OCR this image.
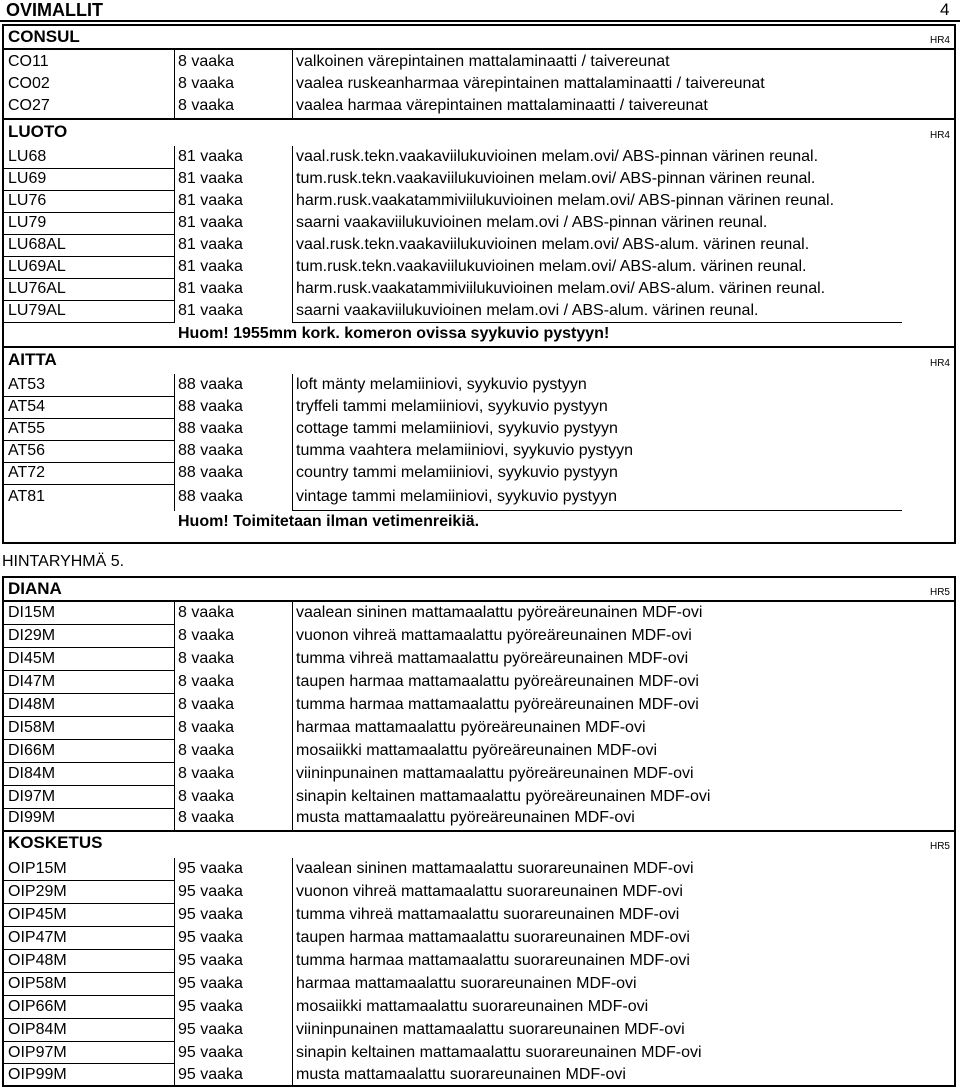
OVIMALLIT	4
CONSUL	HR4
CO11	8 vaaka	valkoinen värepintainen mattalaminaatti / taivereunat
CO02	8 vaaka	vaalea ruskeanharmaa värepintainen mattalaminaatti / taivereunat
CO27	8 vaaka	vaalea harmaa värepintainen mattalaminaatti / taivereunat
LUOTO	HR4
LU68	81 vaaka	vaal.rusk.tekn.vaakaviilukuvioinen melam.ovi/ ABS-pinnan värinen reunal.
LU69	81 vaaka	tum.rusk.tekn.vaakaviilukuvioinen melam.ovi/ ABS-pinnan värinen reunal.
LU76	81 vaaka	harm.rusk.vaakatammiviilukuvioinen melam.ovi/ ABS-pinnan värinen reunal.
LU79	81 vaaka	saarni vaakaviilukuvioinen melam.ovi / ABS-pinnan värinen reunal.
LU68AL	81 vaaka	vaal.rusk.tekn.vaakaviilukuvioinen melam.ovi/ ABS-alum. värinen reunal.
LU69AL	81 vaaka	tum.rusk.tekn.vaakaviilukuvioinen melam.ovi/ ABS-alum. värinen reunal.
LU76AL	81 vaaka	harm.rusk.vaakatammiviilukuvioinen melam.ovi/ ABS-alum. värinen reunal.
LU79AL	81 vaaka	saarni vaakaviilukuvioinen melam.ovi / ABS-alum. värinen reunal.
Huom! 1955mm kork. komeron ovissa syykuvio pystyyn!
AITTA	HR4
AT53	88 vaaka	loft mänty melamiiniovi, syykuvio pystyyn
AT54	88 vaaka	tryffeli tammi melamiiniovi, syykuvio pystyyn
AT55	88 vaaka	cottage tammi melamiiniovi, syykuvio pystyyn
AT56	88 vaaka	tumma vaahtera melamiiniovi, syykuvio pystyyn
AT72	88 vaaka	country tammi melamiiniovi, syykuvio pystyyn
AT81	88 vaaka	vintage tammi melamiiniovi, syykuvio pystyyn
Huom! Toimitetaan ilman vetimenreikiä.
HINTARYHMÄ 5.
DIANA	HR5
DI15M	8 vaaka	vaalean sininen mattamaalattu pyöreäreunainen MDF-ovi
DI29M	8 vaaka	vuonon vihreä mattamaalattu pyöreäreunainen MDF-ovi
DI45M	8 vaaka	tumma vihreä mattamaalattu pyöreäreunainen MDF-ovi
DI47M	8 vaaka	taupen harmaa mattamaalattu pyöreäreunainen MDF-ovi
DI48M	8 vaaka	tumma harmaa mattamaalattu pyöreäreunainen MDF-ovi
DI58M	8 vaaka	harmaa mattamaalattu pyöreäreunainen MDF-ovi
DI66M	8 vaaka	mosaiikki mattamaalattu pyöreäreunainen MDF-ovi
DI84M	8 vaaka	viininpunainen mattamaalattu pyöreäreunainen MDF-ovi
DI97M	8 vaaka	sinapin keltainen mattamaalattu pyöreäreunainen MDF-ovi
DI99M	8 vaaka	musta mattamaalattu pyöreäreunainen MDF-ovi
KOSKETUS	HR5
OIP15M	95 vaaka	vaalean sininen mattamaalattu suorareunainen MDF-ovi
OIP29M	95 vaaka	vuonon vihreä mattamaalattu suorareunainen MDF-ovi
OIP45M	95 vaaka	tumma vihreä mattamaalattu suorareunainen MDF-ovi
OIP47M	95 vaaka	taupen harmaa mattamaalattu suorareunainen MDF-ovi
OIP48M	95 vaaka	tumma harmaa mattamaalattu suorareunainen MDF-ovi
OIP58M	95 vaaka	harmaa mattamaalattu suorareunainen MDF-ovi
OIP66M	95 vaaka	mosaiikki mattamaalattu suorareunainen MDF-ovi
OIP84M	95 vaaka	viininpunainen mattamaalattu suorareunainen MDF-ovi
OIP97M	95 vaaka	sinapin keltainen mattamaalattu suorareunainen MDF-ovi
OIP99M	95 vaaka	musta mattamaalattu suorareunainen MDF-ovi
